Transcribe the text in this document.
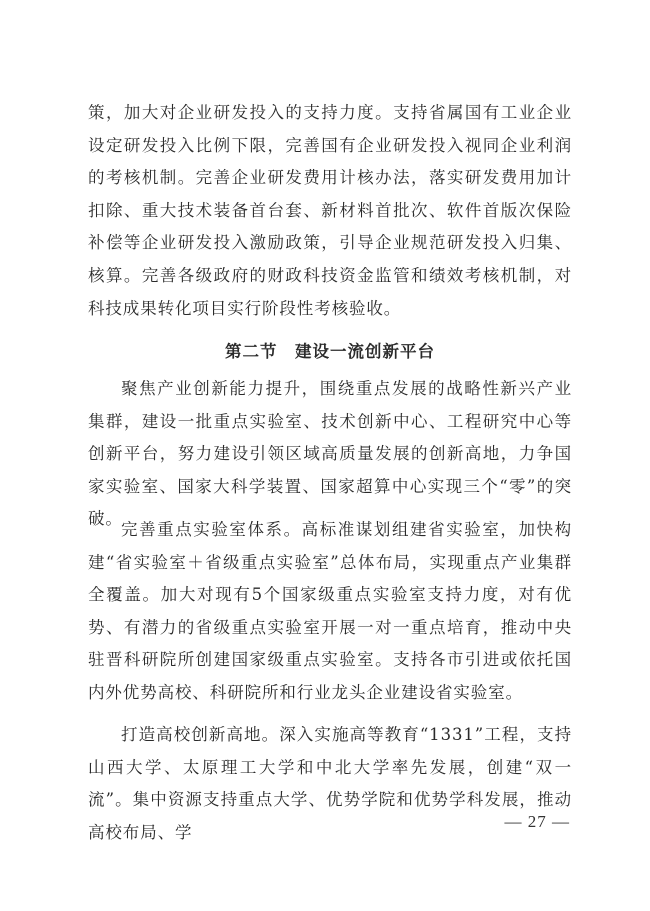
策，加大对企业研发投入的支持力度。支持省属国有工业企业设定研发投入比例下限，完善国有企业研发投入视同企业利润的考核机制。完善企业研发费用计核办法，落实研发费用加计扣除、重大技术装备首台套、新材料首批次、软件首版次保险补偿等企业研发投入激励政策，引导企业规范研发投入归集、核算。完善各级政府的财政科技资金监管和绩效考核机制，对科技成果转化项目实行阶段性考核验收。

第二节　建设一流创新平台

聚焦产业创新能力提升，围绕重点发展的战略性新兴产业集群，建设一批重点实验室、技术创新中心、工程研究中心等创新平台，努力建设引领区域高质量发展的创新高地，力争国家实验室、国家大科学装置、国家超算中心实现三个“零”的突破。

完善重点实验室体系。高标准谋划组建省实验室，加快构建“省实验室＋省级重点实验室”总体布局，实现重点产业集群全覆盖。加大对现有5个国家级重点实验室支持力度，对有优势、有潜力的省级重点实验室开展一对一重点培育，推动中央驻晋科研院所创建国家级重点实验室。支持各市引进或依托国内外优势高校、科研院所和行业龙头企业建设省实验室。

打造高校创新高地。深入实施高等教育“1331”工程，支持山西大学、太原理工大学和中北大学率先发展，创建“双一流”。集中资源支持重点大学、优势学院和优势学科发展，推动高校布局、学

— 27 —
